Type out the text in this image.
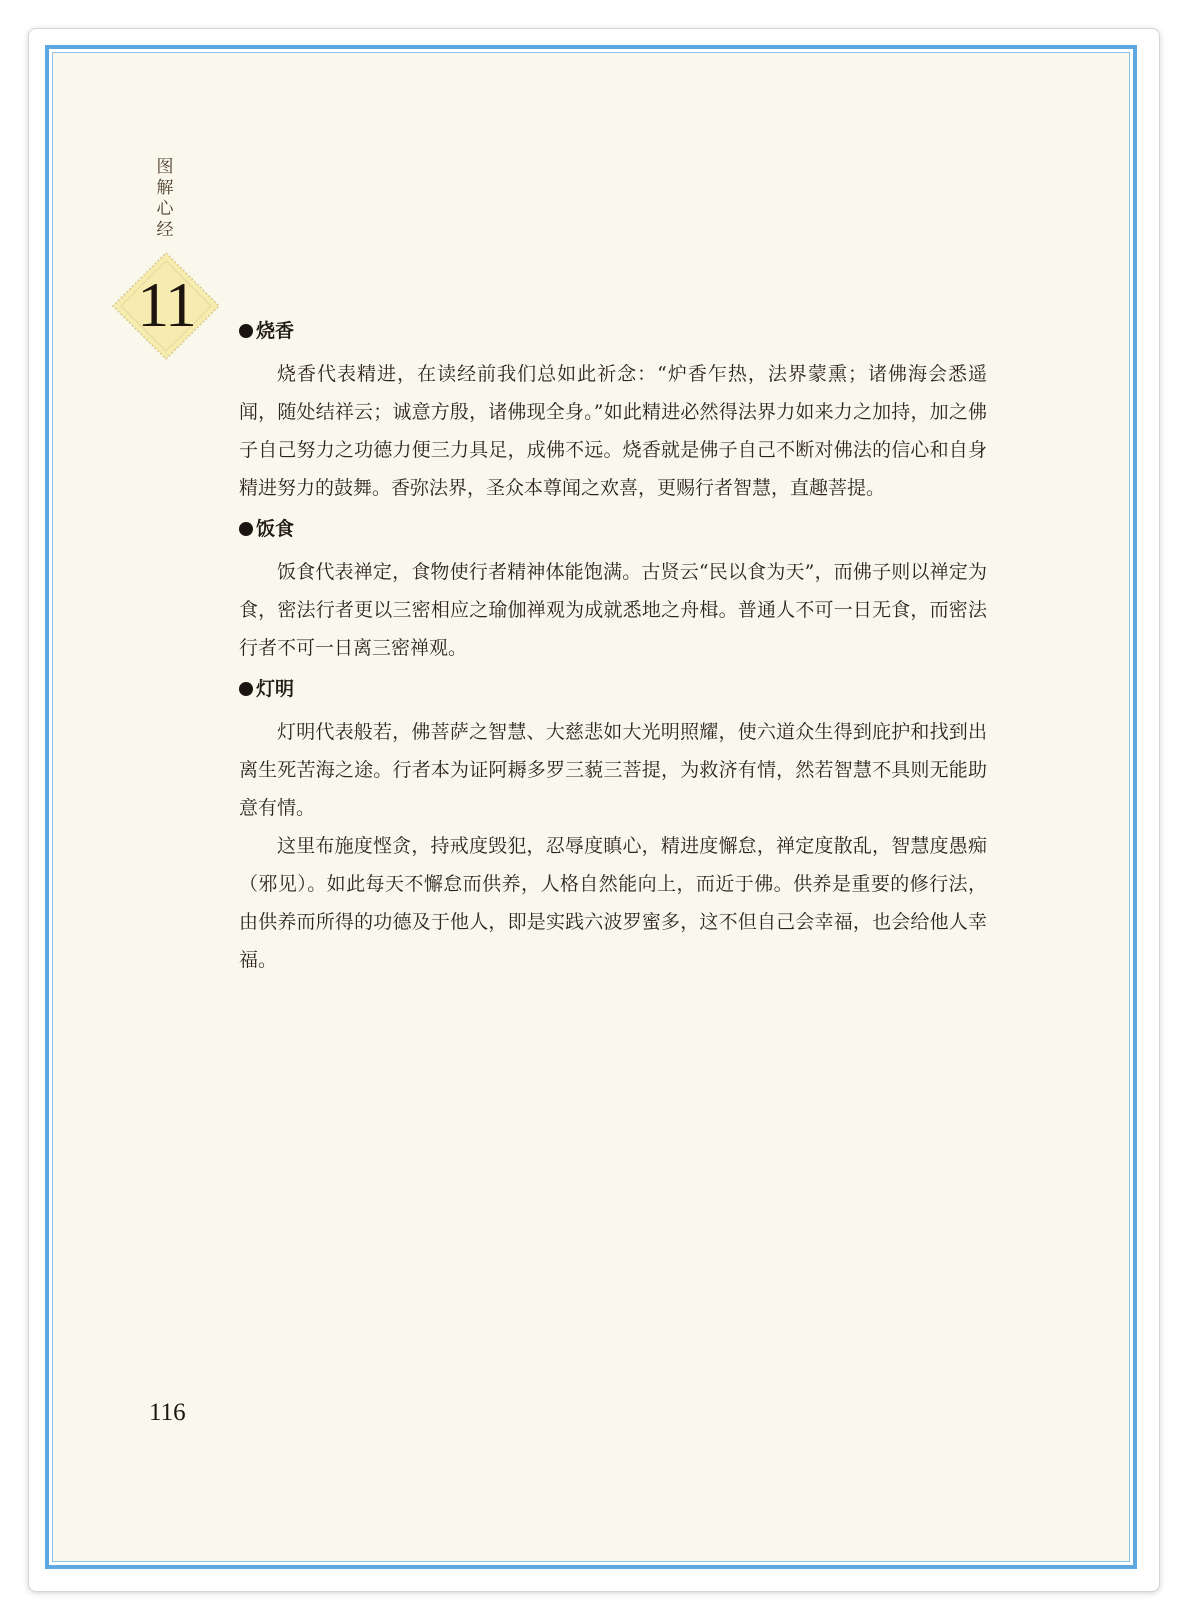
图解心经
11	烧香

烧香代表精进，在读经前我们总如此祈念：“炉香乍热，法界蒙熏；诸佛海会悉遥闻，随处结祥云；诚意方殷，诸佛现全身。”如此精进必然得法界力如来力之加持，加之佛子自己努力之功德力便三力具足，成佛不远。烧香就是佛子自己不断对佛法的信心和自身精进努力的鼓舞。香弥法界，圣众本尊闻之欢喜，更赐行者智慧，直趣菩提。

饭食

饭食代表禅定，食物使行者精神体能饱满。古贤云“民以食为天”，而佛子则以禅定为食，密法行者更以三密相应之瑜伽禅观为成就悉地之舟楫。普通人不可一日无食，而密法行者不可一日离三密禅观。

灯明

灯明代表般若，佛菩萨之智慧、大慈悲如大光明照耀，使六道众生得到庇护和找到出离生死苦海之途。行者本为证阿耨多罗三藐三菩提，为救济有情，然若智慧不具则无能助意有情。

这里布施度悭贪，持戒度毁犯，忍辱度瞋心，精进度懈怠，禅定度散乱，智慧度愚痴（邪见）。如此每天不懈怠而供养，人格自然能向上，而近于佛。供养是重要的修行法，由供养而所得的功德及于他人，即是实践六波罗蜜多，这不但自己会幸福，也会给他人幸福。

116
